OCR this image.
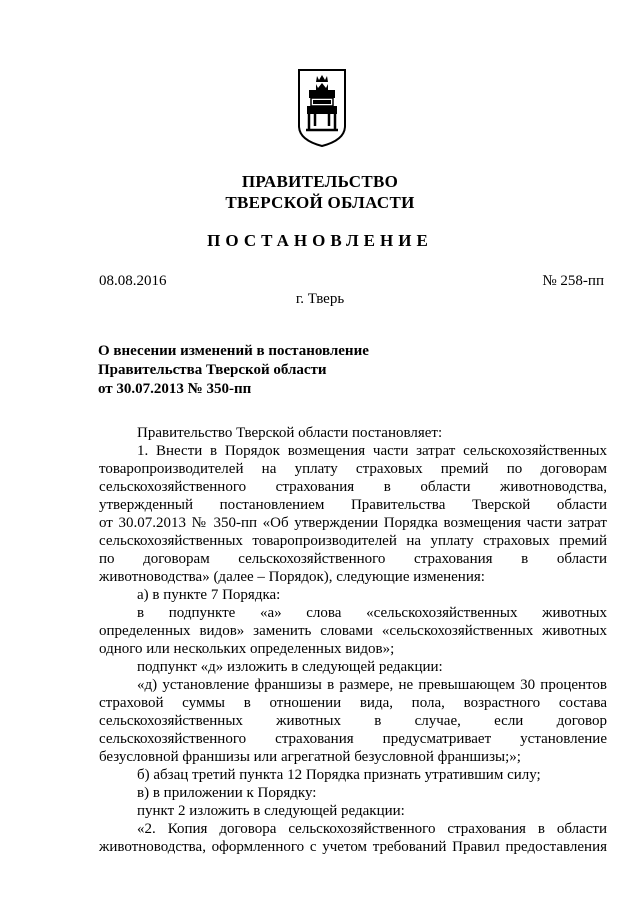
ПРАВИТЕЛЬСТВО
ТВЕРСКОЙ ОБЛАСТИ
ПОСТАНОВЛЕНИЕ
08.08.2016	№ 258-пп
г. Тверь
О внесении изменений в постановление
Правительства Тверской области
от 30.07.2013 № 350-пп

Правительство Тверской области постановляет:

1. Внести в Порядок возмещения части затрат сельскохозяйственных

товаропроизводителей на уплату страховых премий по договорам

сельскохозяйственного страхования в области животноводства,

утвержденный постановлением Правительства Тверской области

от 30.07.2013 № 350-пп «Об утверждении Порядка возмещения части затрат

сельскохозяйственных товаропроизводителей на уплату страховых премий

по договорам сельскохозяйственного страхования в области

животноводства» (далее – Порядок), следующие изменения:

а) в пункте 7 Порядка:

в подпункте «а» слова «сельскохозяйственных животных

определенных видов» заменить словами «сельскохозяйственных животных

одного или нескольких определенных видов»;

подпункт «д» изложить в следующей редакции:

«д) установление франшизы в размере, не превышающем 30 процентов

страховой суммы в отношении вида, пола, возрастного состава

сельскохозяйственных животных в случае, если договор

сельскохозяйственного страхования предусматривает установление

безусловной франшизы или агрегатной безусловной франшизы;»;

б) абзац третий пункта 12 Порядка признать утратившим силу;

в) в приложении к Порядку:

пункт 2 изложить в следующей редакции:

«2. Копия договора сельскохозяйственного страхования в области

животноводства, оформленного с учетом требований Правил предоставления
